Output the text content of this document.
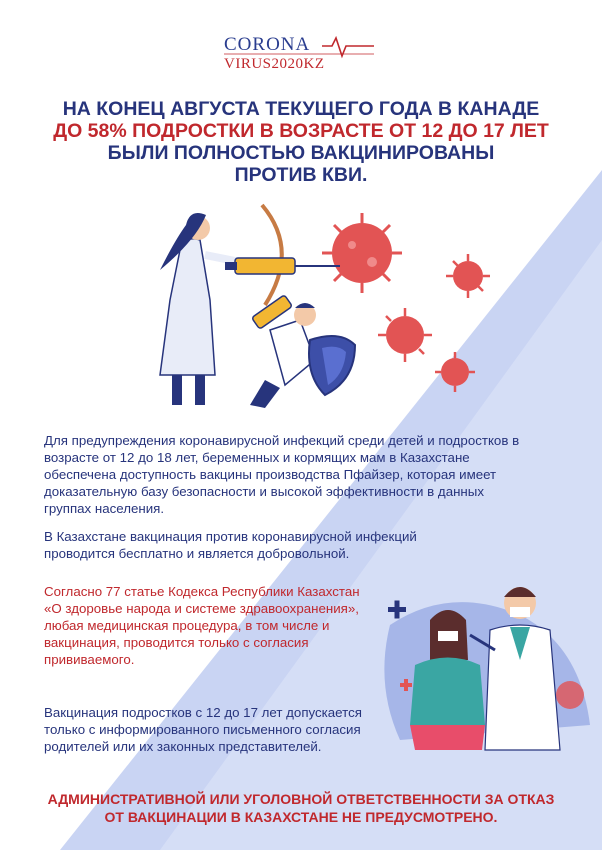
CORONA
VIRUS2020KZ
НА КОНЕЦ АВГУСТА ТЕКУЩЕГО ГОДА В КАНАДЕ
ДО 58% ПОДРОСТКИ В ВОЗРАСТЕ ОТ 12 ДО 17 ЛЕТ
БЫЛИ ПОЛНОСТЬЮ ВАКЦИНИРОВАНЫ
ПРОТИВ КВИ.
Для предупреждения коронавирусной инфекций среди детей и подростков в возрасте от 12 до 18 лет, беременных и кормящих мам в Казахстане обеспечена доступность вакцины производства Пфайзер, которая имеет доказательную базу безопасности и высокой эффективности в данных группах населения.
В Казахстане вакцинация против коронавирусной инфекций проводится бесплатно и является добровольной.
Согласно 77 статье Кодекса Республики Казахстан «О здоровье народа и системе здравоохранения», любая медицинская процедура, в том числе и вакцинация, проводится только с согласия прививаемого.
Вакцинация подростков с 12 до 17 лет допускается только с информированного письменного согласия родителей или их законных представителей.
АДМИНИСТРАТИВНОЙ ИЛИ УГОЛОВНОЙ ОТВЕТСТВЕННОСТИ ЗА ОТКАЗ
ОТ ВАКЦИНАЦИИ В КАЗАХСТАНЕ НЕ ПРЕДУСМОТРЕНО.
